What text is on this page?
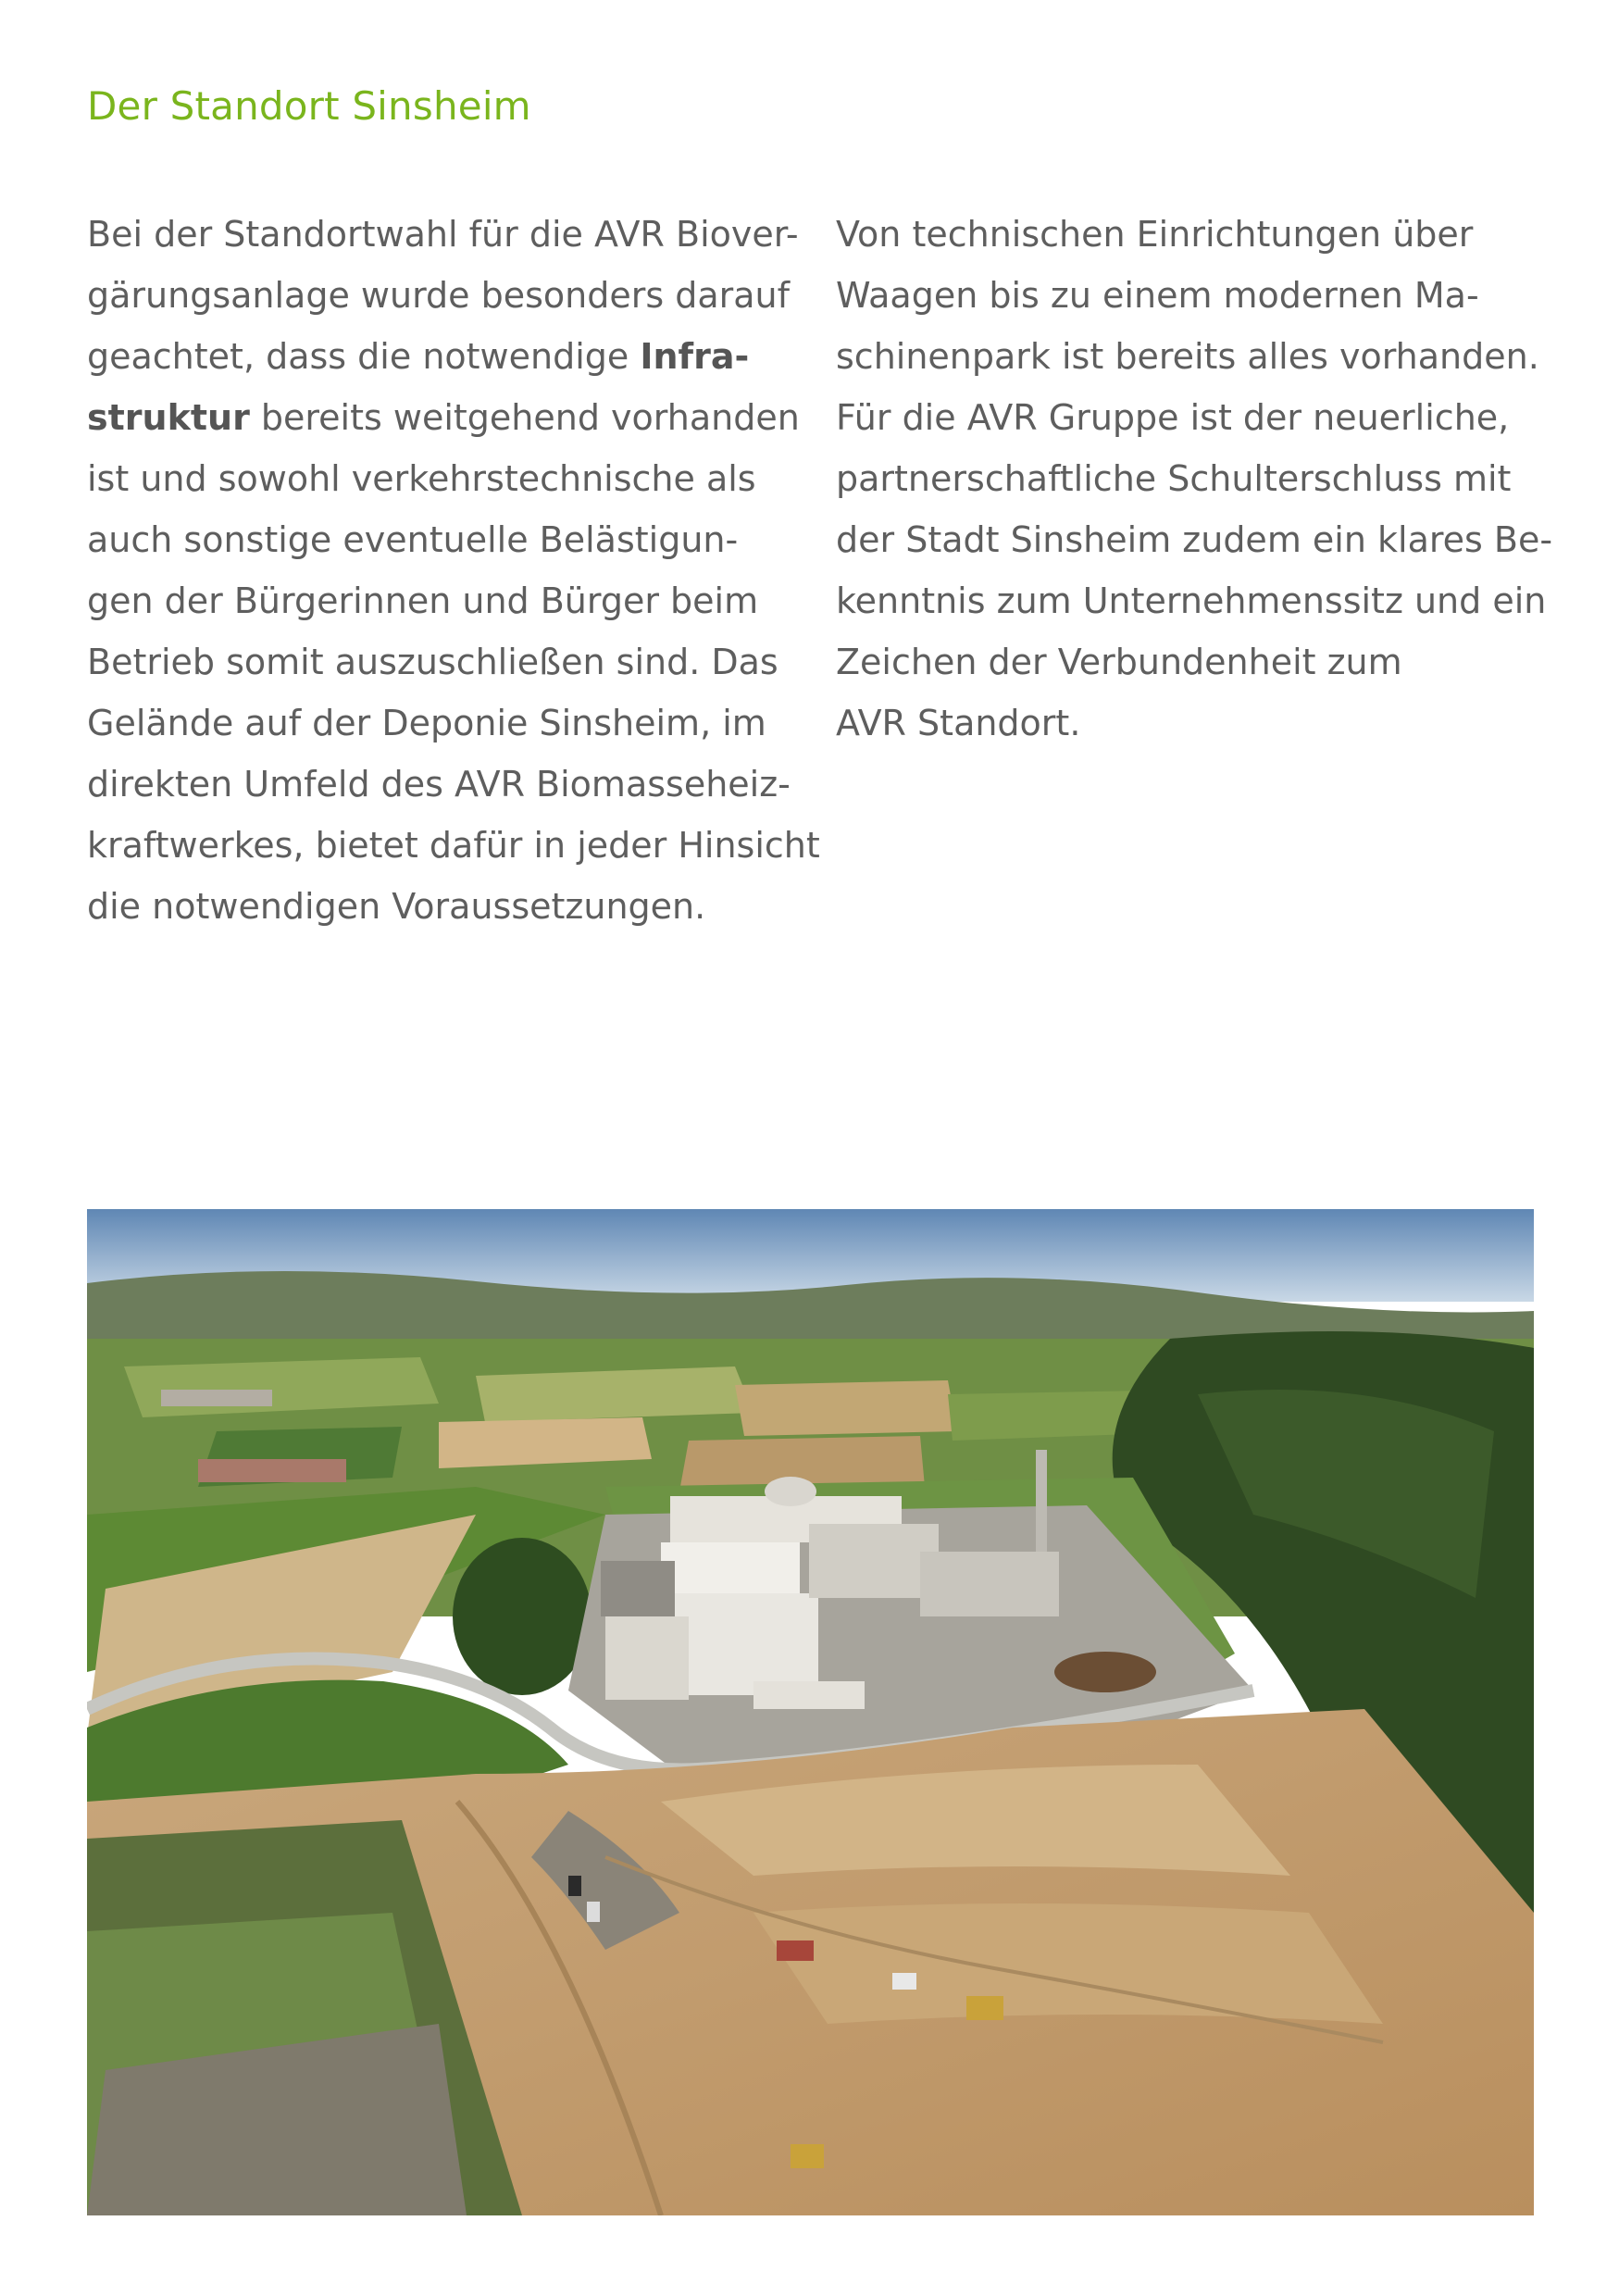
Der Standort Sinsheim
Bei der Standortwahl für die AVR Biover-
gärungsanlage wurde besonders darauf
geachtet, dass die notwendige Infra-
struktur bereits weitgehend vorhanden
ist und sowohl verkehrstechnische als
auch sonstige eventuelle Belästigun-
gen der Bürgerinnen und Bürger beim
Betrieb somit auszuschließen sind. Das
Gelände auf der Deponie Sinsheim, im
direkten Umfeld des AVR Biomasseheiz-
kraftwerkes, bietet dafür in jeder Hinsicht
die notwendigen Voraussetzungen.
Von technischen Einrichtungen über
Waagen bis zu einem modernen Ma-
schinenpark ist bereits alles vorhanden.
Für die AVR Gruppe ist der neuerliche,
partnerschaftliche Schulterschluss mit
der Stadt Sinsheim zudem ein klares Be-
kenntnis zum Unternehmenssitz und ein
Zeichen der Verbundenheit zum
AVR Standort.
